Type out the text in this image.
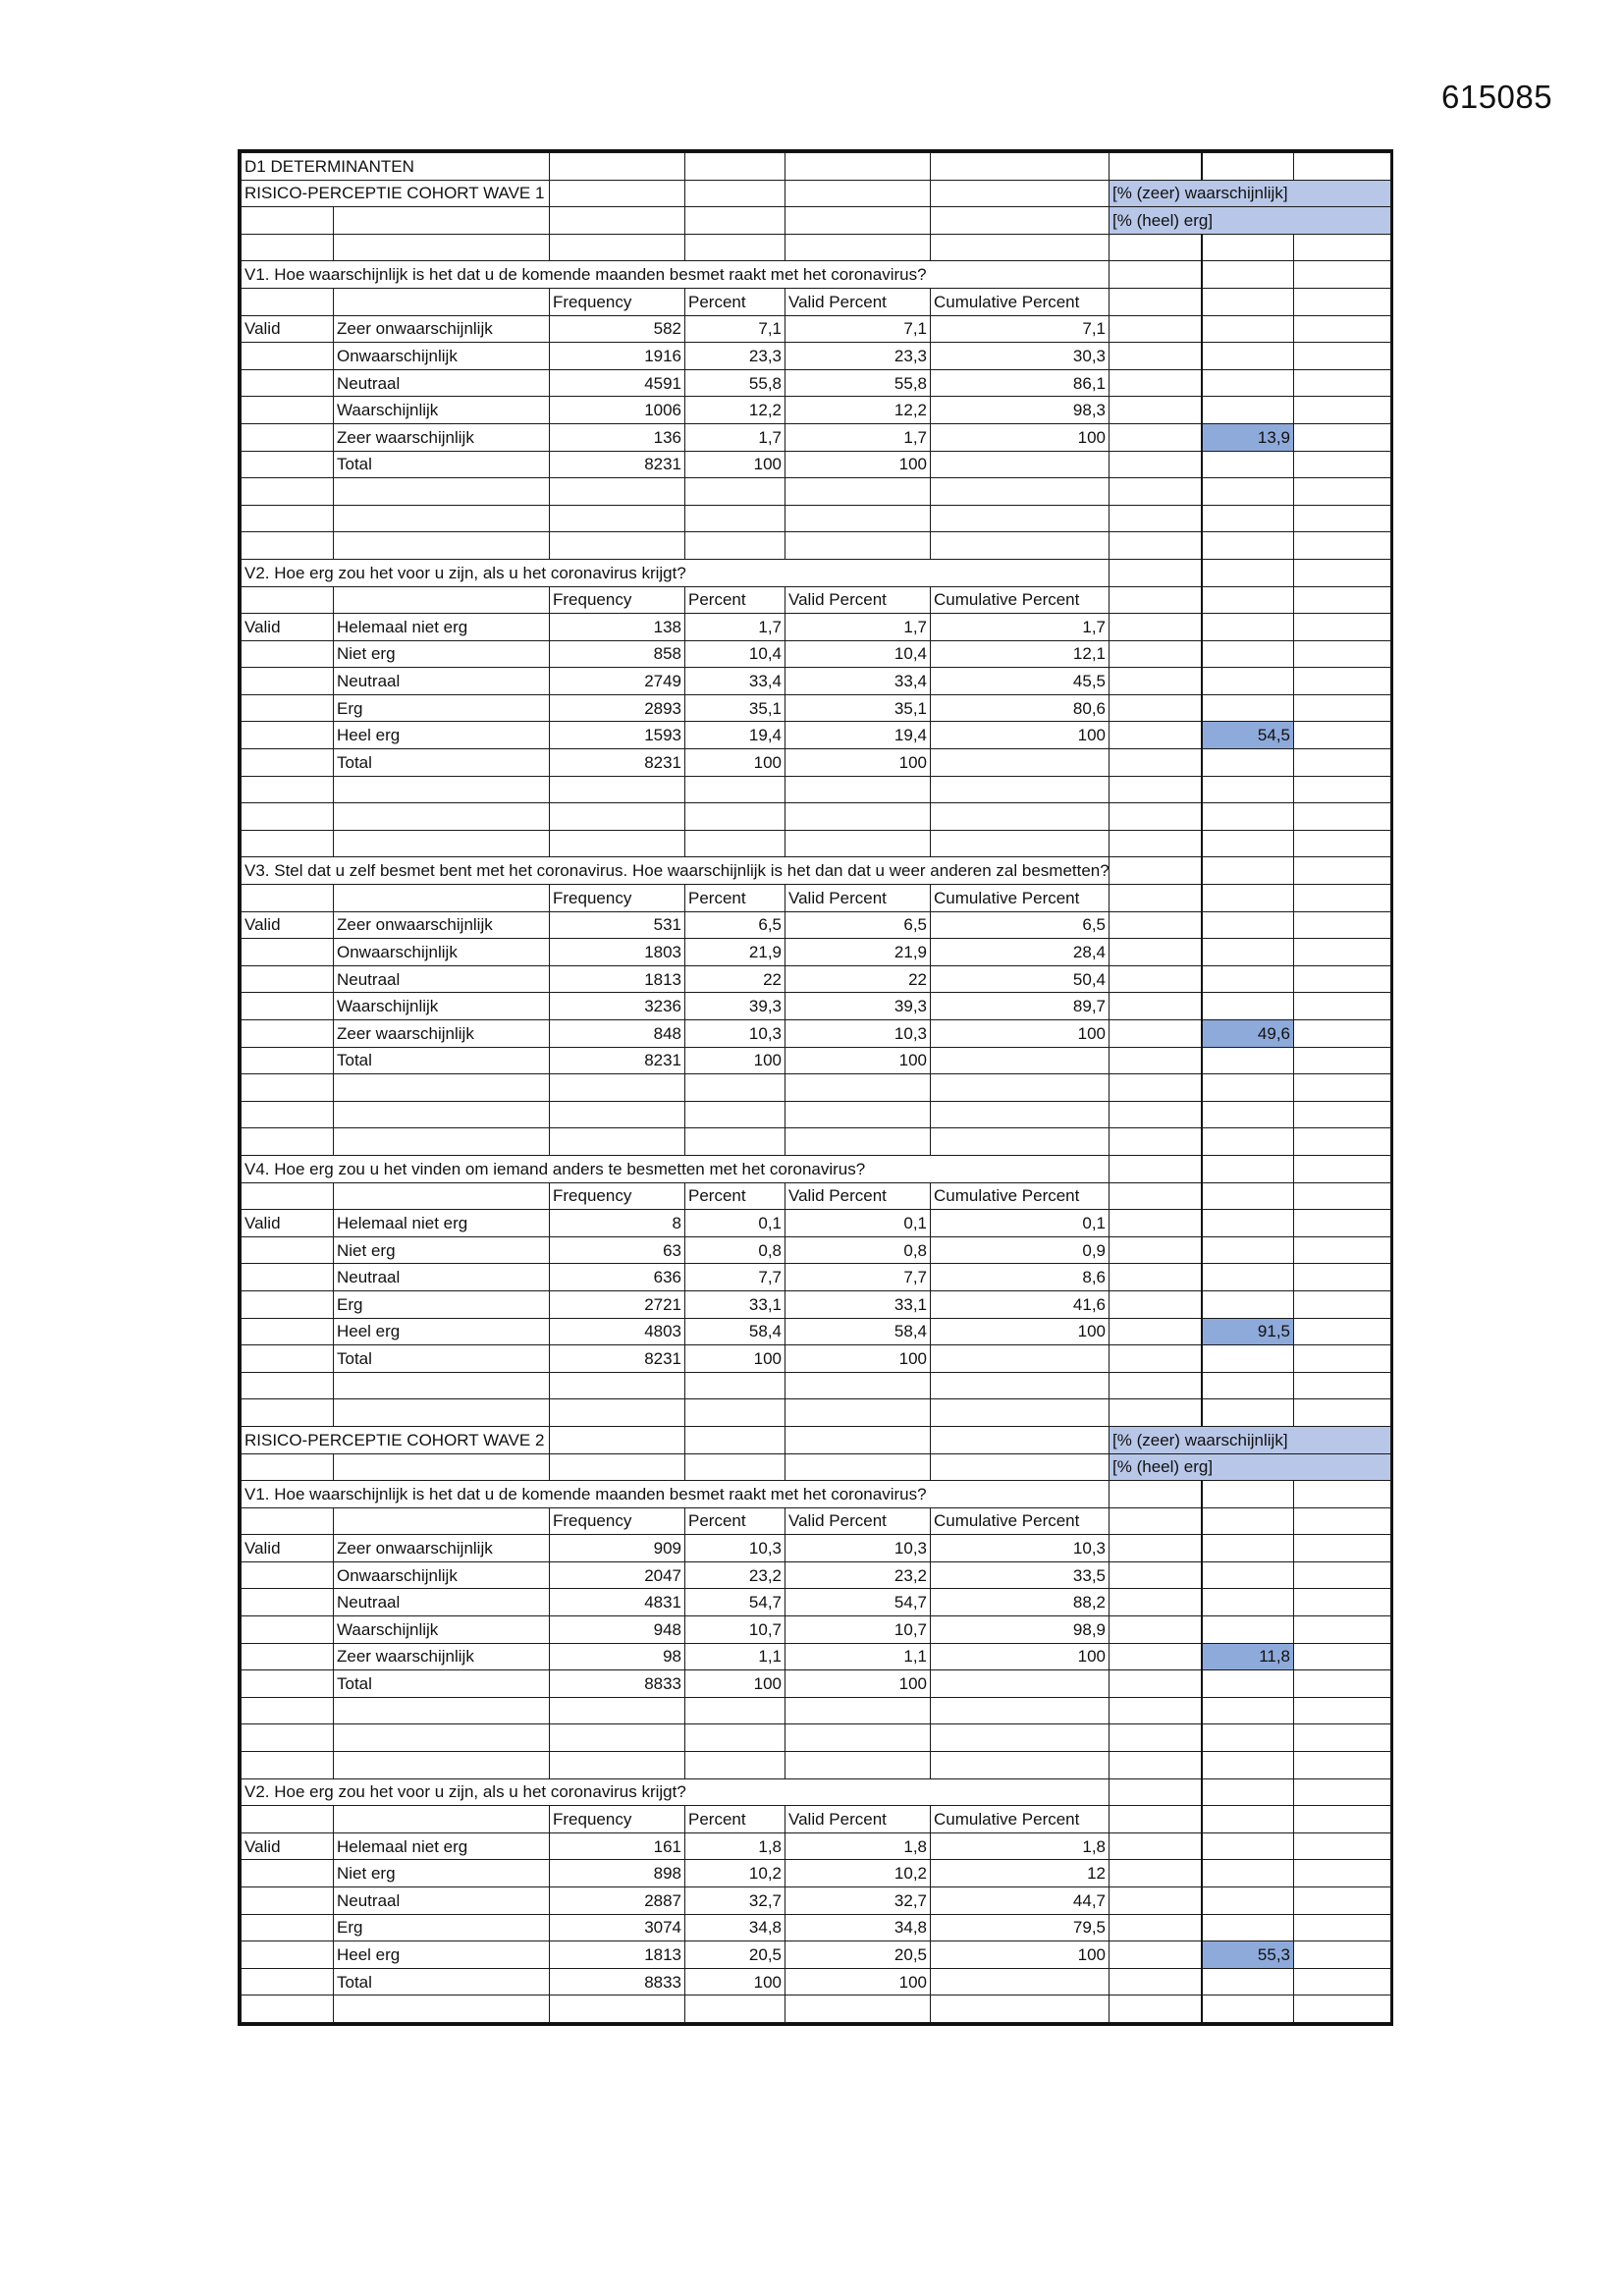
615085
D1 DETERMINANTEN								
RISICO-PERCEPTIE COHORT WAVE 1						[% (zeer) waarschijnlijk]		
						[% (heel) erg]		

V1. Hoe waarschijnlijk is het dat u de komende maanden besmet raakt met het coronavirus?								
		Frequency	Percent	Valid Percent	Cumulative Percent			
Valid	Zeer onwaarschijnlijk	582	7,1	7,1	7,1			
	Onwaarschijnlijk	1916	23,3	23,3	30,3			
	Neutraal	4591	55,8	55,8	86,1			
	Waarschijnlijk	1006	12,2	12,2	98,3			
	Zeer waarschijnlijk	136	1,7	1,7	100		13,9	
	Total	8231	100	100				

V2. Hoe erg zou het voor u zijn, als u het coronavirus krijgt?								
		Frequency	Percent	Valid Percent	Cumulative Percent			
Valid	Helemaal niet erg	138	1,7	1,7	1,7			
	Niet erg	858	10,4	10,4	12,1			
	Neutraal	2749	33,4	33,4	45,5			
	Erg	2893	35,1	35,1	80,6			
	Heel erg	1593	19,4	19,4	100		54,5	
	Total	8231	100	100				

V3. Stel dat u zelf besmet bent met het coronavirus. Hoe waarschijnlijk is het dan dat u weer anderen zal besmetten?								
		Frequency	Percent	Valid Percent	Cumulative Percent			
Valid	Zeer onwaarschijnlijk	531	6,5	6,5	6,5			
	Onwaarschijnlijk	1803	21,9	21,9	28,4			
	Neutraal	1813	22	22	50,4			
	Waarschijnlijk	3236	39,3	39,3	89,7			
	Zeer waarschijnlijk	848	10,3	10,3	100		49,6	
	Total	8231	100	100				

V4. Hoe erg zou u het vinden om iemand anders te besmetten met het coronavirus?								
		Frequency	Percent	Valid Percent	Cumulative Percent			
Valid	Helemaal niet erg	8	0,1	0,1	0,1			
	Niet erg	63	0,8	0,8	0,9			
	Neutraal	636	7,7	7,7	8,6			
	Erg	2721	33,1	33,1	41,6			
	Heel erg	4803	58,4	58,4	100		91,5	
	Total	8231	100	100				

RISICO-PERCEPTIE COHORT WAVE 2						[% (zeer) waarschijnlijk]		
						[% (heel) erg]		
V1. Hoe waarschijnlijk is het dat u de komende maanden besmet raakt met het coronavirus?								
		Frequency	Percent	Valid Percent	Cumulative Percent			
Valid	Zeer onwaarschijnlijk	909	10,3	10,3	10,3			
	Onwaarschijnlijk	2047	23,2	23,2	33,5			
	Neutraal	4831	54,7	54,7	88,2			
	Waarschijnlijk	948	10,7	10,7	98,9			
	Zeer waarschijnlijk	98	1,1	1,1	100		11,8	
	Total	8833	100	100				

V2. Hoe erg zou het voor u zijn, als u het coronavirus krijgt?								
		Frequency	Percent	Valid Percent	Cumulative Percent			
Valid	Helemaal niet erg	161	1,8	1,8	1,8			
	Niet erg	898	10,2	10,2	12			
	Neutraal	2887	32,7	32,7	44,7			
	Erg	3074	34,8	34,8	79,5			
	Heel erg	1813	20,5	20,5	100		55,3	
	Total	8833	100	100				
